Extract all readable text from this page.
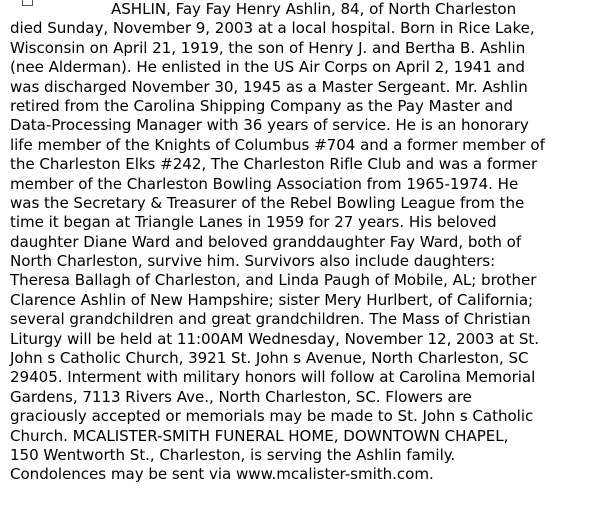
ASHLIN, Fay Fay Henry Ashlin, 84, of North Charleston
died Sunday, November 9, 2003 at a local hospital. Born in Rice Lake,
Wisconsin on April 21, 1919, the son of Henry J. and Bertha B. Ashlin
(nee Alderman). He enlisted in the US Air Corps on April 2, 1941 and
was discharged November 30, 1945 as a Master Sergeant. Mr. Ashlin
retired from the Carolina Shipping Company as the Pay Master and
Data-Processing Manager with 36 years of service. He is an honorary
life member of the Knights of Columbus #704 and a former member of
the Charleston Elks #242, The Charleston Rifle Club and was a former
member of the Charleston Bowling Association from 1965-1974. He
was the Secretary & Treasurer of the Rebel Bowling League from the
time it began at Triangle Lanes in 1959 for 27 years. His beloved
daughter Diane Ward and beloved granddaughter Fay Ward, both of
North Charleston, survive him. Survivors also include daughters:
Theresa Ballagh of Charleston, and Linda Paugh of Mobile, AL; brother
Clarence Ashlin of New Hampshire; sister Mery Hurlbert, of California;
several grandchildren and great grandchildren. The Mass of Christian
Liturgy will be held at 11:00AM Wednesday, November 12, 2003 at St.
John s Catholic Church, 3921 St. John s Avenue, North Charleston, SC
29405. Interment with military honors will follow at Carolina Memorial
Gardens, 7113 Rivers Ave., North Charleston, SC. Flowers are
graciously accepted or memorials may be made to St. John s Catholic
Church. MCALISTER-SMITH FUNERAL HOME, DOWNTOWN CHAPEL,
150 Wentworth St., Charleston, is serving the Ashlin family.
Condolences may be sent via www.mcalister-smith.com.
